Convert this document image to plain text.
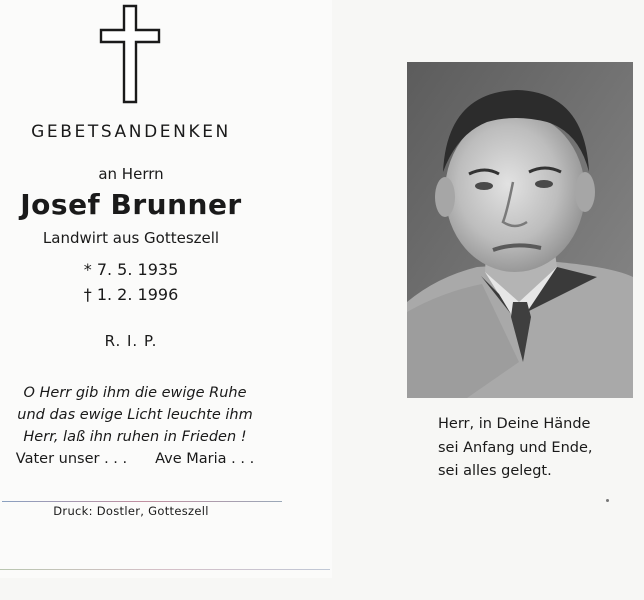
GEBETSANDENKEN
an Herrn
Josef Brunner
Landwirt aus Gotteszell
* 7. 5. 1935
† 1. 2. 1996
R. I. P.
O Herr gib ihm die ewige Ruhe
und das ewige Licht leuchte ihm
Herr, laß ihn ruhen in Frieden !
Vater unser . . . Ave Maria . . .
Druck: Dostler, Gotteszell
Herr, in Deine Hände
sei Anfang und Ende,
sei alles gelegt.
